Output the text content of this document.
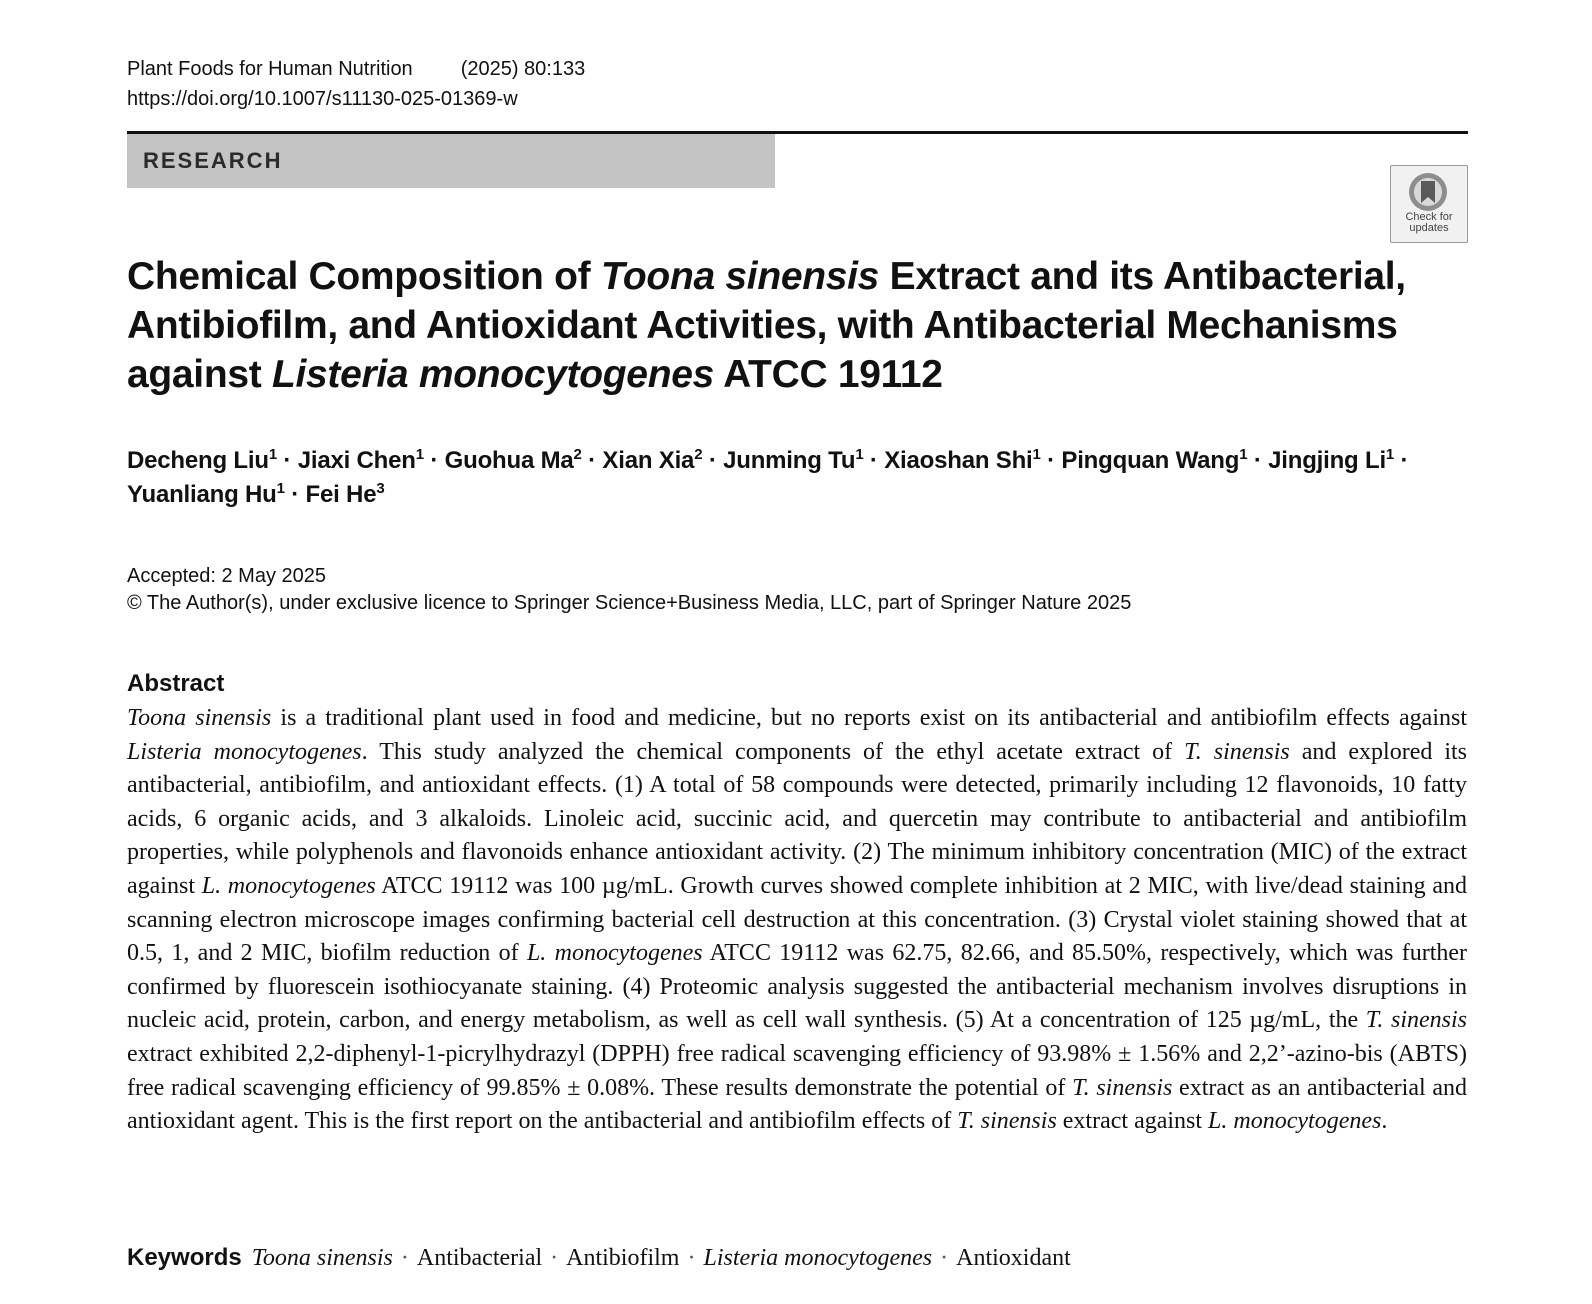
Plant Foods for Human Nutrition (2025) 80:133
https://doi.org/10.1007/s11130-025-01369-w
RESEARCH
Check for
updates
Chemical Composition of Toona sinensis Extract and its Antibacterial, Antibiofilm, and Antioxidant Activities, with Antibacterial Mechanisms against Listeria monocytogenes ATCC 19112
Decheng Liu$^1$ · Jiaxi Chen$^1$ · Guohua $Ma^2$ · Xian Xia$^2$ · Junming $Tu^1$ · Xiaoshan Shi$^1$ · Pingquan Wang$^1$ · Jingjing $Li^1$ · Yuanliang $Hu^1$ · Fei He$^3$
Accepted: 2 May 2025
© The Author(s), under exclusive licence to Springer Science+Business Media, LLC, part of Springer Nature 2025
Abstract
Toona sinensis is a traditional plant used in food and medicine, but no reports exist on its antibacterial and antibiofilm effects against Listeria monocytogenes. This study analyzed the chemical components of the ethyl acetate extract of T. sinensis and explored its antibacterial, antibiofilm, and antioxidant effects. (1) A total of 58 compounds were detected, primarily including 12 flavonoids, 10 fatty acids, 6 organic acids, and 3 alkaloids. Linoleic acid, succinic acid, and quercetin may contribute to antibacterial and antibiofilm properties, while polyphenols and flavonoids enhance antioxidant activity. (2) The minimum inhibitory concentration (MIC) of the extract against L. monocytogenes ATCC 19112 was 100 µg/mL. Growth curves showed complete inhibition at 2 MIC, with live/dead staining and scanning electron microscope images confirming bacterial cell destruction at this concentration. (3) Crystal violet staining showed that at 0.5, 1, and 2 MIC, biofilm reduction of L. monocytogenes ATCC 19112 was 62.75, 82.66, and 85.50%, respectively, which was further confirmed by fluorescein isothiocyanate staining. (4) Proteomic analysis suggested the antibacterial mechanism involves disruptions in nucleic acid, protein, carbon, and energy metabolism, as well as cell wall synthesis. (5) At a concentration of 125 µg/mL, the T. sinensis extract exhibited 2,2-diphenyl-1-picrylhydrazyl (DPPH) free radical scavenging efficiency of 93.98% ± 1.56% and 2,2’-azino-bis (ABTS) free radical scavenging efficiency of 99.85% ± 0.08%. These results demonstrate the potential of T. sinensis extract as an antibacterial and antioxidant agent. This is the first report on the antibacterial and antibiofilm effects of T. sinensis extract against L. monocytogenes.
Keywords Toona sinensis · Antibacterial · Antibiofilm · Listeria monocytogenes · Antioxidant
